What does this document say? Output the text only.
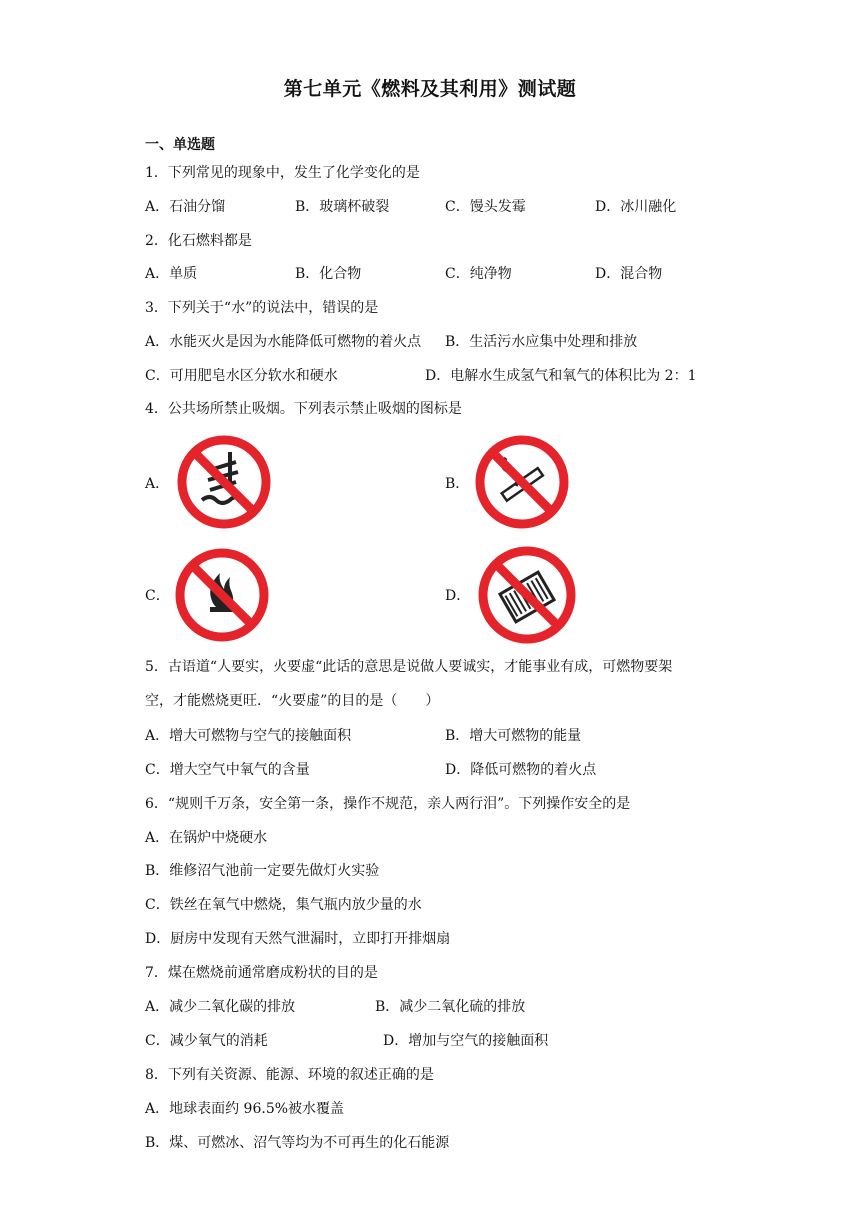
第七单元《燃料及其利用》测试题
一、单选题
1．下列常见的现象中，发生了化学变化的是
A．石油分馏	B．玻璃杯破裂	C．馒头发霉	D．冰川融化
2．化石燃料都是
A．单质	B．化合物	C．纯净物	D．混合物
3．下列关于“水”的说法中，错误的是
A．水能灭火是因为水能降低可燃物的着火点 B．生活污水应集中处理和排放
C．可用肥皂水区分软水和硬水	D．电解水生成氢气和氧气的体积比为 2：1
4．公共场所禁止吸烟。下列表示禁止吸烟的图标是
A．	B．
C．	D．
5．古语道“人要实，火要虚“此话的意思是说做人要诚实，才能事业有成，可燃物要架
空，才能燃烧更旺．“火要虚”的目的是（　　）
A．增大可燃物与空气的接触面积	B．增大可燃物的能量
C．增大空气中氧气的含量	D．降低可燃物的着火点
6．“规则千万条，安全第一条，操作不规范，亲人两行泪”。下列操作安全的是
A．在锅炉中烧硬水
B．维修沼气池前一定要先做灯火实验
C．铁丝在氧气中燃烧，集气瓶内放少量的水
D．厨房中发现有天然气泄漏时，立即打开排烟扇
7．煤在燃烧前通常磨成粉状的目的是
A．减少二氧化碳的排放	B．减少二氧化硫的排放
C．减少氧气的消耗	D．增加与空气的接触面积
8．下列有关资源、能源、环境的叙述正确的是
A．地球表面约 96.5%被水覆盖
B．煤、可燃冰、沼气等均为不可再生的化石能源
